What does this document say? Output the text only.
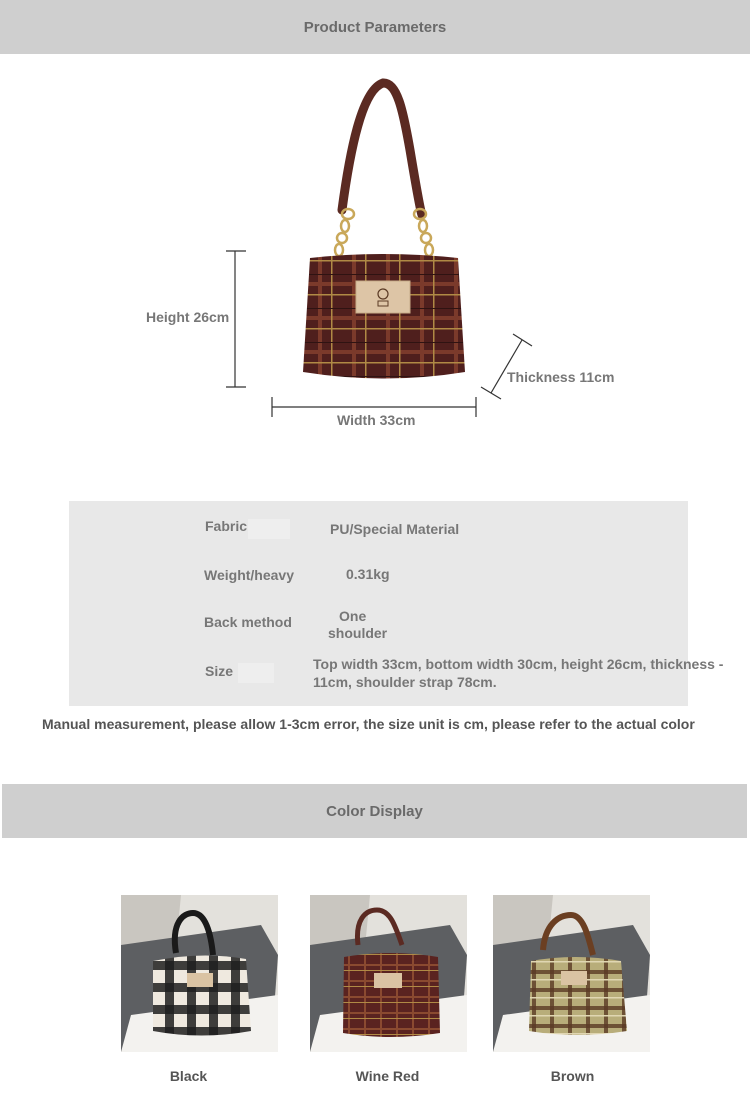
Product Parameters
Height 26cm
Width 33cm
Thickness 11cm
Fabric	PU/Special Material
Weight/heavy	0.31kg
Back method	One
shoulder
Size	Top width 33cm, bottom width 30cm, height 26cm, thickness -
11cm, shoulder strap 78cm.
Manual measurement, please allow 1-3cm error, the size unit is cm, please refer to the actual color
Color Display
Black	Wine Red	Brown
